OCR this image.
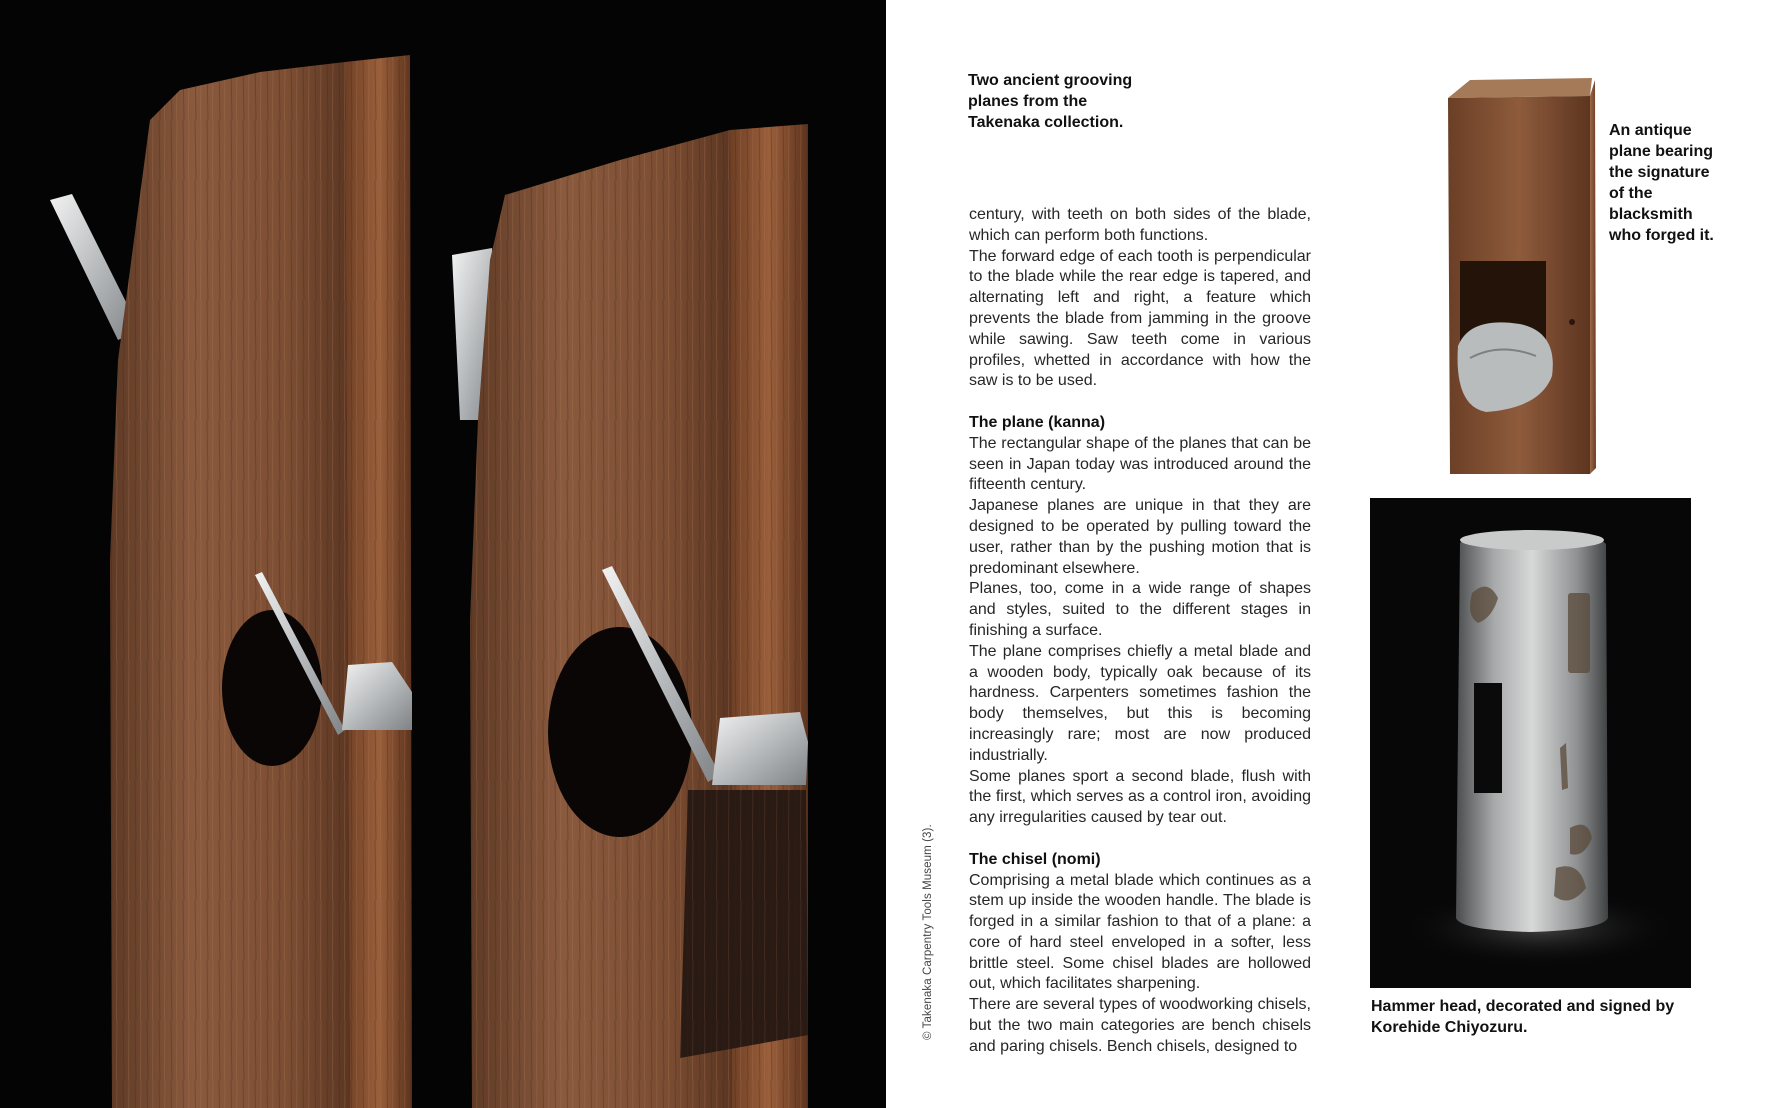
© Takenaka Carpentry Tools Museum (3).
Two ancient grooving planes from the Takenaka collection.

century, with teeth on both sides of the blade, which can perform both functions.

The forward edge of each tooth is perpendicular to the blade while the rear edge is tapered, and alternating left and right, a feature which prevents the blade from jamming in the groove while sawing. Saw teeth come in various profiles, whetted in accordance with how the saw is to be used.

The plane (kanna)

The rectangular shape of the planes that can be seen in Japan today was introduced around the fifteenth century.

Japanese planes are unique in that they are designed to be operated by pulling toward the user, rather than by the pushing motion that is predominant elsewhere.

Planes, too, come in a wide range of shapes and styles, suited to the different stages in finishing a surface.

The plane comprises chiefly a metal blade and a wooden body, typically oak because of its hardness. Carpenters sometimes fashion the body themselves, but this is becoming increasingly rare; most are now produced industrially.

Some planes sport a second blade, flush with the first, which serves as a control iron, avoiding any irregularities caused by tear out.

The chisel (nomi)

Comprising a metal blade which continues as a stem up inside the wooden handle. The blade is forged in a similar fashion to that of a plane: a core of hard steel enveloped in a softer, less brittle steel. Some chisel blades are hollowed out, which facilitates sharpening.

There are several types of woodworking chisels, but the two main categories are bench chisels and paring chisels. Bench chisels, designed to

An antique plane bearing the signature of the blacksmith who forged it.
Hammer head, decorated and signed by Korehide Chiyozuru.
